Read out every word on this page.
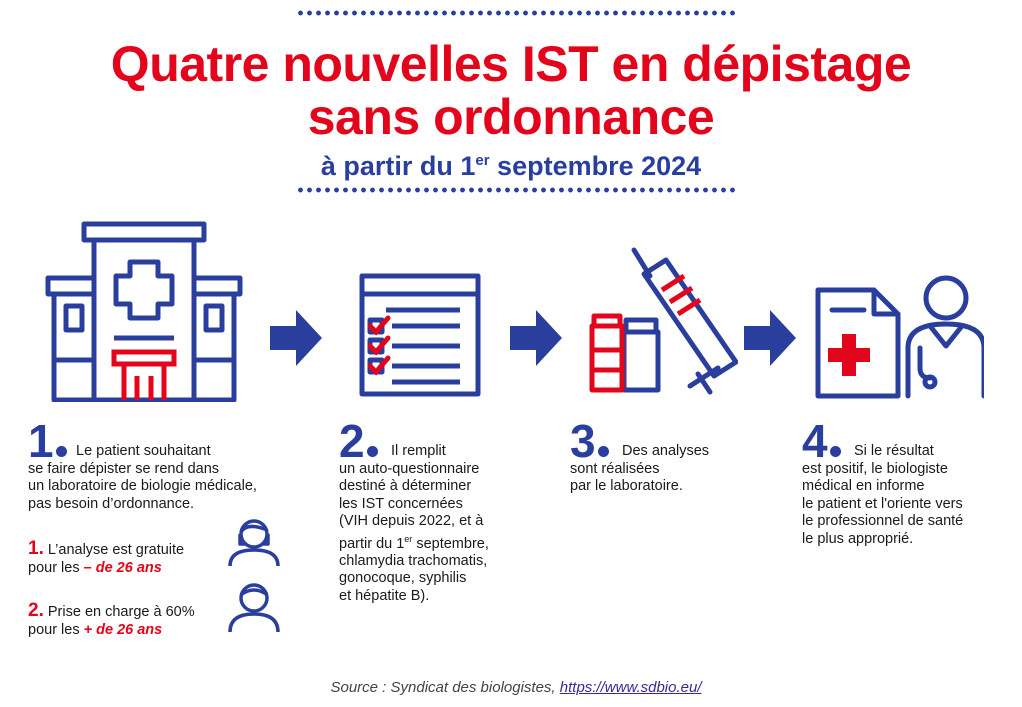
Quatre nouvelles IST en dépistage
sans ordonnance
à partir du 1er septembre 2024
1	Le patient souhaitant
se faire dépister se rend dans
un laboratoire de biologie médicale,
pas besoin d’ordonnance.
1. L’analyse est gratuite
pour les – de 26 ans
2. Prise en charge à 60%
pour les + de 26 ans
2	Il remplit
un auto-questionnaire
destiné à déterminer
les IST concernées
(VIH depuis 2022, et à
partir du 1er septembre,
chlamydia trachomatis,
gonocoque, syphilis
et hépatite B).
3	Des analyses
sont réalisées
par le laboratoire.
4	Si le résultat
est positif, le biologiste
médical en informe
le patient et l'oriente vers
le professionnel de santé
le plus approprié.
Source : Syndicat des biologistes, https://www.sdbio.eu/
